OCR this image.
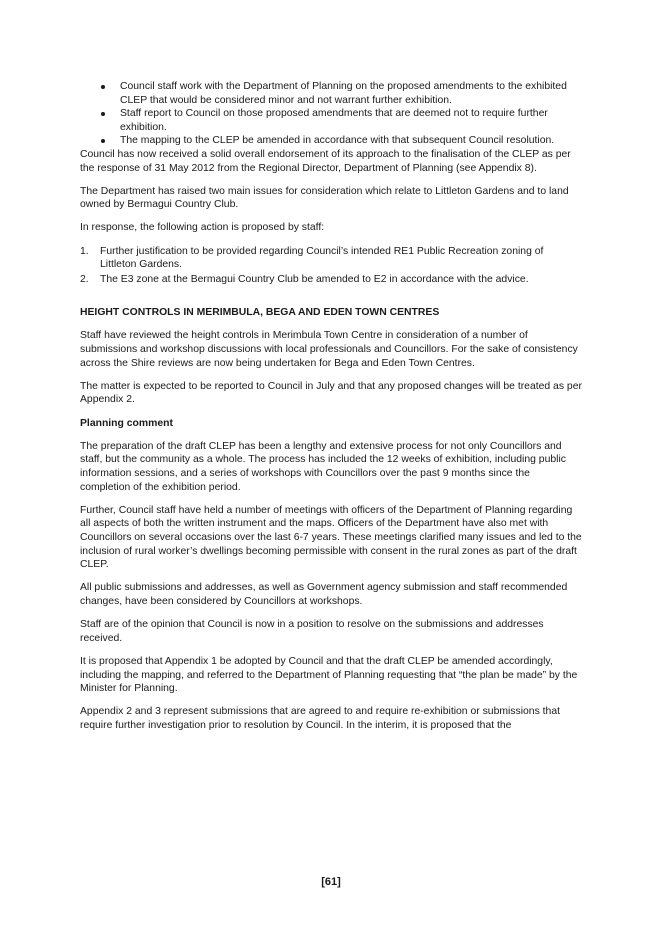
Council staff work with the Department of Planning on the proposed amendments to the exhibited CLEP that would be considered minor and not warrant further exhibition.
Staff report to Council on those proposed amendments that are deemed not to require further exhibition.
The mapping to the CLEP be amended in accordance with that subsequent Council resolution.

Council has now received a solid overall endorsement of its approach to the finalisation of the CLEP as per the response of 31 May 2012 from the Regional Director, Department of Planning (see Appendix 8).

The Department has raised two main issues for consideration which relate to Littleton Gardens and to land owned by Bermagui Country Club.

In response, the following action is proposed by staff:

1. Further justification to be provided regarding Council’s intended RE1 Public Recreation zoning of Littleton Gardens.
2. The E3 zone at the Bermagui Country Club be amended to E2 in accordance with the advice.
HEIGHT CONTROLS IN MERIMBULA, BEGA AND EDEN TOWN CENTRES

Staff have reviewed the height controls in Merimbula Town Centre in consideration of a number of submissions and workshop discussions with local professionals and Councillors. For the sake of consistency across the Shire reviews are now being undertaken for Bega and Eden Town Centres.

The matter is expected to be reported to Council in July and that any proposed changes will be treated as per Appendix 2.

Planning comment

The preparation of the draft CLEP has been a lengthy and extensive process for not only Councillors and staff, but the community as a whole. The process has included the 12 weeks of exhibition, including public information sessions, and a series of workshops with Councillors over the past 9 months since the completion of the exhibition period.

Further, Council staff have held a number of meetings with officers of the Department of Planning regarding all aspects of both the written instrument and the maps. Officers of the Department have also met with Councillors on several occasions over the last 6-7 years. These meetings clarified many issues and led to the inclusion of rural worker’s dwellings becoming permissible with consent in the rural zones as part of the draft CLEP.

All public submissions and addresses, as well as Government agency submission and staff recommended changes, have been considered by Councillors at workshops.

Staff are of the opinion that Council is now in a position to resolve on the submissions and addresses received.

It is proposed that Appendix 1 be adopted by Council and that the draft CLEP be amended accordingly, including the mapping, and referred to the Department of Planning requesting that “the plan be made” by the Minister for Planning.

Appendix 2 and 3 represent submissions that are agreed to and require re-exhibition or submissions that require further investigation prior to resolution by Council. In the interim, it is proposed that the

[61]
